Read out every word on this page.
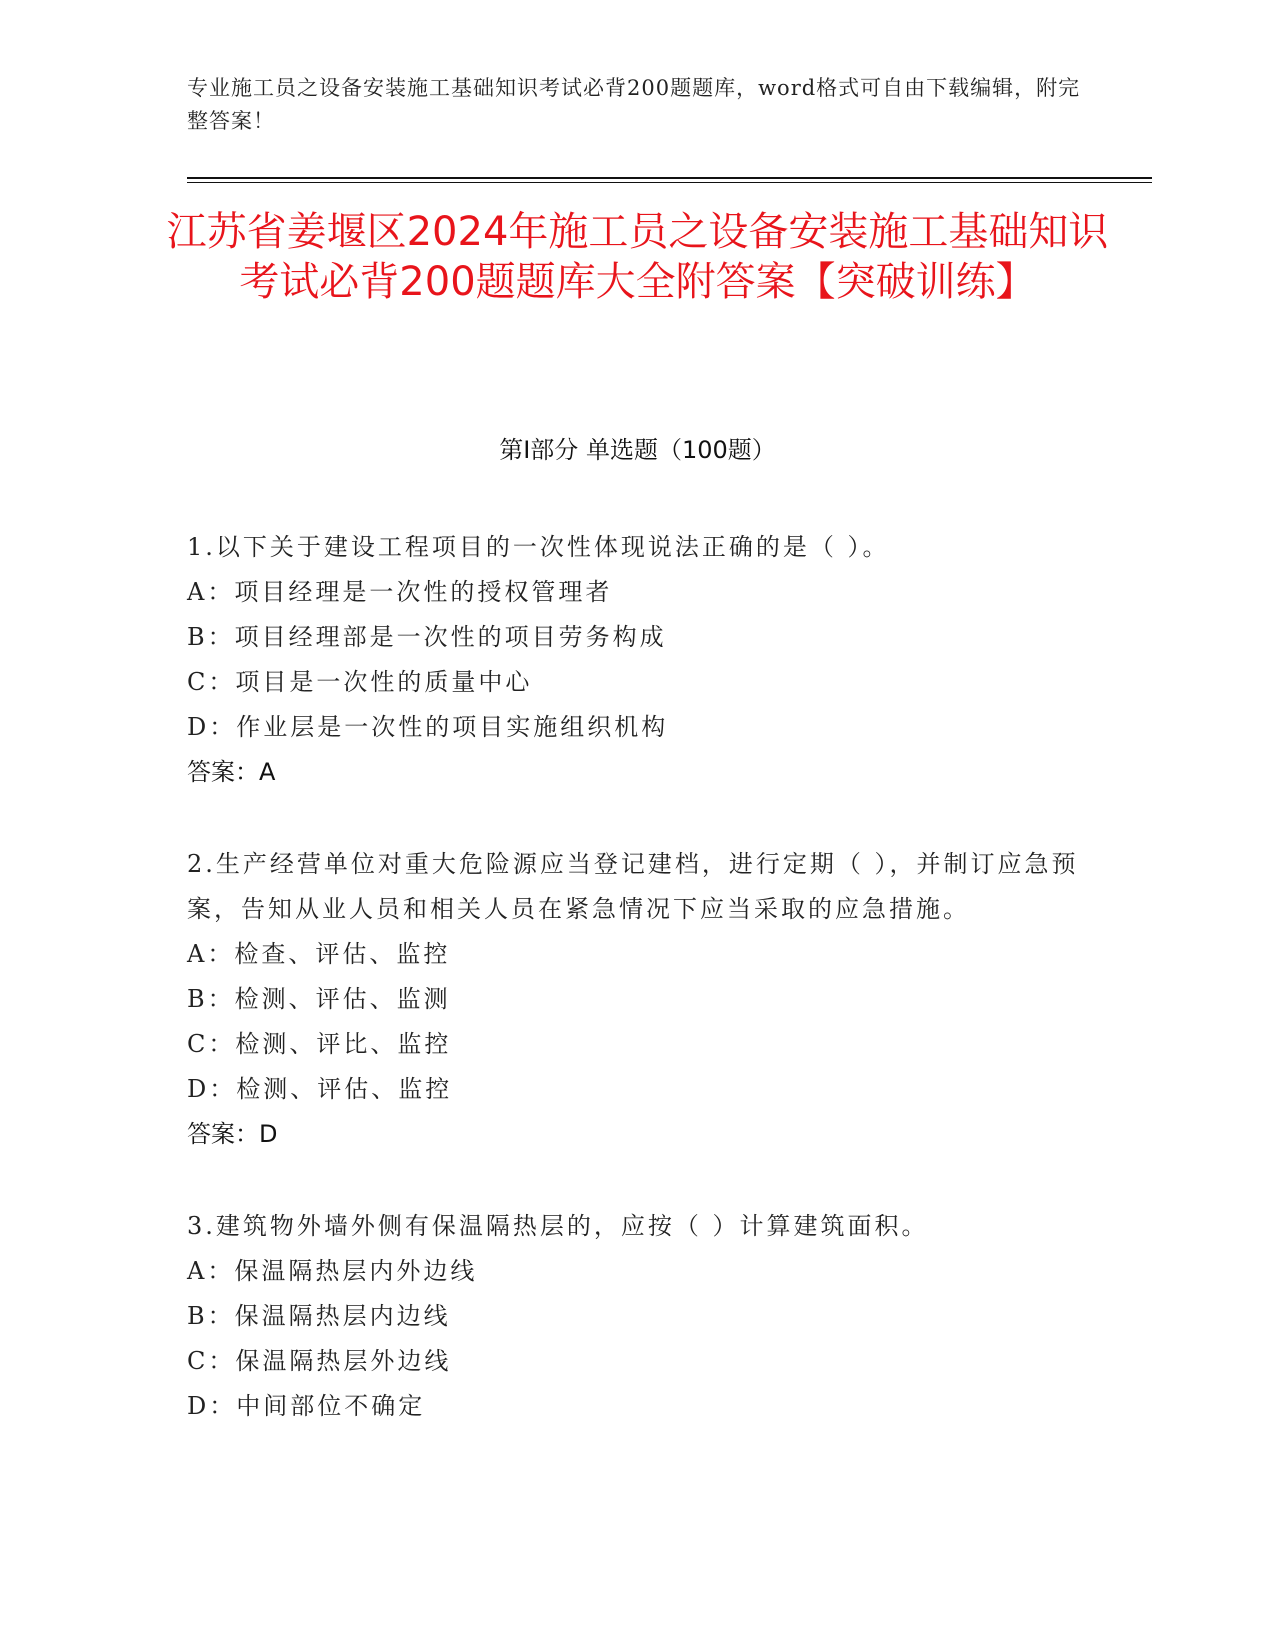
专业施工员之设备安装施工基础知识考试必背200题题库，word格式可自由下载编辑，附完整答案！
江苏省姜堰区2024年施工员之设备安装施工基础知识考试必背200题题库大全附答案【突破训练】
第I部分 单选题（100题）

1.以下关于建设工程项目的一次性体现说法正确的是（ ）。

A：项目经理是一次性的授权管理者

B：项目经理部是一次性的项目劳务构成

C：项目是一次性的质量中心

D：作业层是一次性的项目实施组织机构

答案：A

2.生产经营单位对重大危险源应当登记建档，进行定期（ ），并制订应急预案，告知从业人员和相关人员在紧急情况下应当采取的应急措施。

A：检查、评估、监控

B：检测、评估、监测

C：检测、评比、监控

D：检测、评估、监控

答案：D

3.建筑物外墙外侧有保温隔热层的，应按（ ）计算建筑面积。

A：保温隔热层内外边线

B：保温隔热层内边线

C：保温隔热层外边线

D：中间部位不确定
